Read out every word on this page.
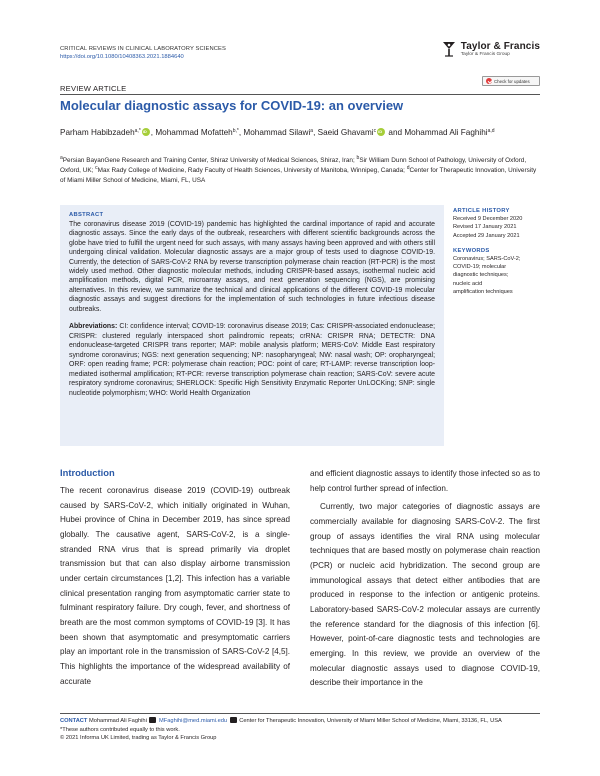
CRITICAL REVIEWS IN CLINICAL LABORATORY SCIENCES
https://doi.org/10.1080/10408363.2021.1884640
Taylor & Francis
Taylor & Francis Group
Check for updates
REVIEW ARTICLE
Molecular diagnostic assays for COVID-19: an overview
Parham Habibzadeh$^{a,*}$iD , Mohammad Mofatteh$^{b,*}$, Mohammad Silawi$^a$, Saeid Ghavami$^c$iD and Mohammad Ali Faghihi$^{a,d}$
$^a$Persian BayanGene Research and Training Center, Shiraz University of Medical Sciences, Shiraz, Iran; $^b$Sir William Dunn School of Pathology, University of Oxford, Oxford, UK; $^c$Max Rady College of Medicine, Rady Faculty of Health Sciences, University of Manitoba, Winnipeg, Canada; $^d$Center for Therapeutic Innovation, University of Miami Miller School of Medicine, Miami, FL, USA
ABSTRACT
The coronavirus disease 2019 (COVID-19) pandemic has highlighted the cardinal importance of rapid and accurate diagnostic assays. Since the early days of the outbreak, researchers with different scientific backgrounds across the globe have tried to fulfill the urgent need for such assays, with many assays having been approved and with others still undergoing clinical validation. Molecular diagnostic assays are a major group of tests used to diagnose COVID-19. Currently, the detection of SARS-CoV-2 RNA by reverse transcription polymerase chain reaction (RT-PCR) is the most widely used method. Other diagnostic molecular methods, including CRISPR-based assays, isothermal nucleic acid amplification methods, digital PCR, microarray assays, and next generation sequencing (NGS), are promising alternatives. In this review, we summarize the technical and clinical applications of the different COVID-19 molecular diagnostic assays and suggest directions for the implementation of such technologies in future infectious disease outbreaks.
Abbreviations: CI: confidence interval; COVID-19: coronavirus disease 2019; Cas: CRISPR-associated endonuclease; CRISPR: clustered regularly interspaced short palindromic repeats; crRNA: CRISPR RNA; DETECTR: DNA endonuclease-targeted CRISPR trans reporter; MAP: mobile analysis platform; MERS-CoV: Middle East respiratory syndrome coronavirus; NGS: next generation sequencing; NP: nasopharyngeal; NW: nasal wash; OP: oropharyngeal; ORF: open reading frame; PCR: polymerase chain reaction; POC: point of care; RT-LAMP: reverse transcription loop-mediated isothermal amplification; RT-PCR: reverse transcription polymerase chain reaction; SARS-CoV: severe acute respiratory syndrome coronavirus; SHERLOCK: Specific High Sensitivity Enzymatic Reporter UnLOCKing; SNP: single nucleotide polymorphism; WHO: World Health Organization
ARTICLE HISTORY
Received 9 December 2020
Revised 17 January 2021
Accepted 29 January 2021
KEYWORDS
Coronavirus; SARS-CoV-2;
COVID-19; molecular
diagnostic techniques;
nucleic acid
amplification techniques
Introduction
The recent coronavirus disease 2019 (COVID-19) outbreak caused by SARS-CoV-2, which initially originated in Wuhan, Hubei province of China in December 2019, has since spread globally. The causative agent, SARS-CoV-2, is a single-stranded RNA virus that is spread primarily via droplet transmission but that can also display airborne transmission under certain circumstances [1,2]. This infection has a variable clinical presentation ranging from asymptomatic carrier state to fulminant respiratory failure. Dry cough, fever, and shortness of breath are the most common symptoms of COVID-19 [3]. It has been shown that asymptomatic and presymptomatic carriers play an important role in the transmission of SARS-CoV-2 [4,5]. This highlights the importance of the widespread availability of accurate
and efficient diagnostic assays to identify those infected so as to help control further spread of infection.
Currently, two major categories of diagnostic assays are commercially available for diagnosing SARS-CoV-2. The first group of assays identifies the viral RNA using molecular techniques that are based mostly on polymerase chain reaction (PCR) or nucleic acid hybridization. The second group are immunological assays that detect either antibodies that are produced in response to the infection or antigenic proteins. Laboratory-based SARS-CoV-2 molecular assays are currently the reference standard for the diagnosis of this infection [6]. However, point-of-care diagnostic tests and technologies are emerging. In this review, we provide an overview of the molecular diagnostic assays used to diagnose COVID-19, describe their importance in the
CONTACT Mohammad Ali Faghihi MFaghihi@med.miami.edu Center for Therapeutic Innovation, University of Miami Miller School of Medicine, Miami, 33136, FL, USA
*These authors contributed equally to this work.
© 2021 Informa UK Limited, trading as Taylor & Francis Group
